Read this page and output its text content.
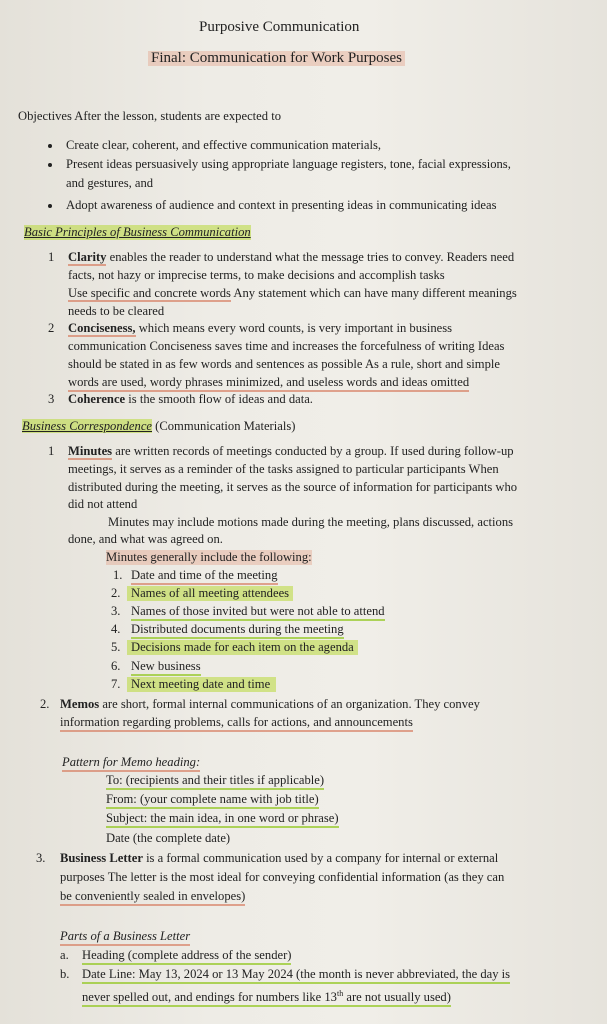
Purposive Communication
Final: Communication for Work Purposes
Objectives After the lesson, students are expected to
Create clear, coherent, and effective communication materials,
Present ideas persuasively using appropriate language registers, tone, facial expressions,
and gestures, and
Adopt awareness of audience and context in presenting ideas in communicating ideas
Basic Principles of Business Communication
1 Clarity enables the reader to understand what the message tries to convey. Readers need
facts, not hazy or imprecise terms, to make decisions and accomplish tasks
Use specific and concrete words Any statement which can have many different meanings
needs to be cleared
2 Conciseness, which means every word counts, is very important in business
communication Conciseness saves time and increases the forcefulness of writing Ideas
should be stated in as few words and sentences as possible As a rule, short and simple
words are used, wordy phrases minimized, and useless words and ideas omitted
3 Coherence is the smooth flow of ideas and data.
Business Correspondence (Communication Materials)
1 Minutes are written records of meetings conducted by a group. If used during follow-up
meetings, it serves as a reminder of the tasks assigned to particular participants When
distributed during the meeting, it serves as the source of information for participants who
did not attend
Minutes may include motions made during the meeting, plans discussed, actions
done, and what was agreed on.
Minutes generally include the following:
1. Date and time of the meeting
2. Names of all meeting attendees
3. Names of those invited but were not able to attend
4. Distributed documents during the meeting
5. Decisions made for each item on the agenda
6. New business
7. Next meeting date and time
2. Memos are short, formal internal communications of an organization. They convey
information regarding problems, calls for actions, and announcements
Pattern for Memo heading:
To: (recipients and their titles if applicable)
From: (your complete name with job title)
Subject: the main idea, in one word or phrase)
Date (the complete date)
3. Business Letter is a formal communication used by a company for internal or external
purposes The letter is the most ideal for conveying confidential information (as they can
be conveniently sealed in envelopes)
Parts of a Business Letter
a. Heading (complete address of the sender)
b. Date Line: May 13, 2024 or 13 May 2024 (the month is never abbreviated, the day is
never spelled out, and endings for numbers like 13th are not usually used)
